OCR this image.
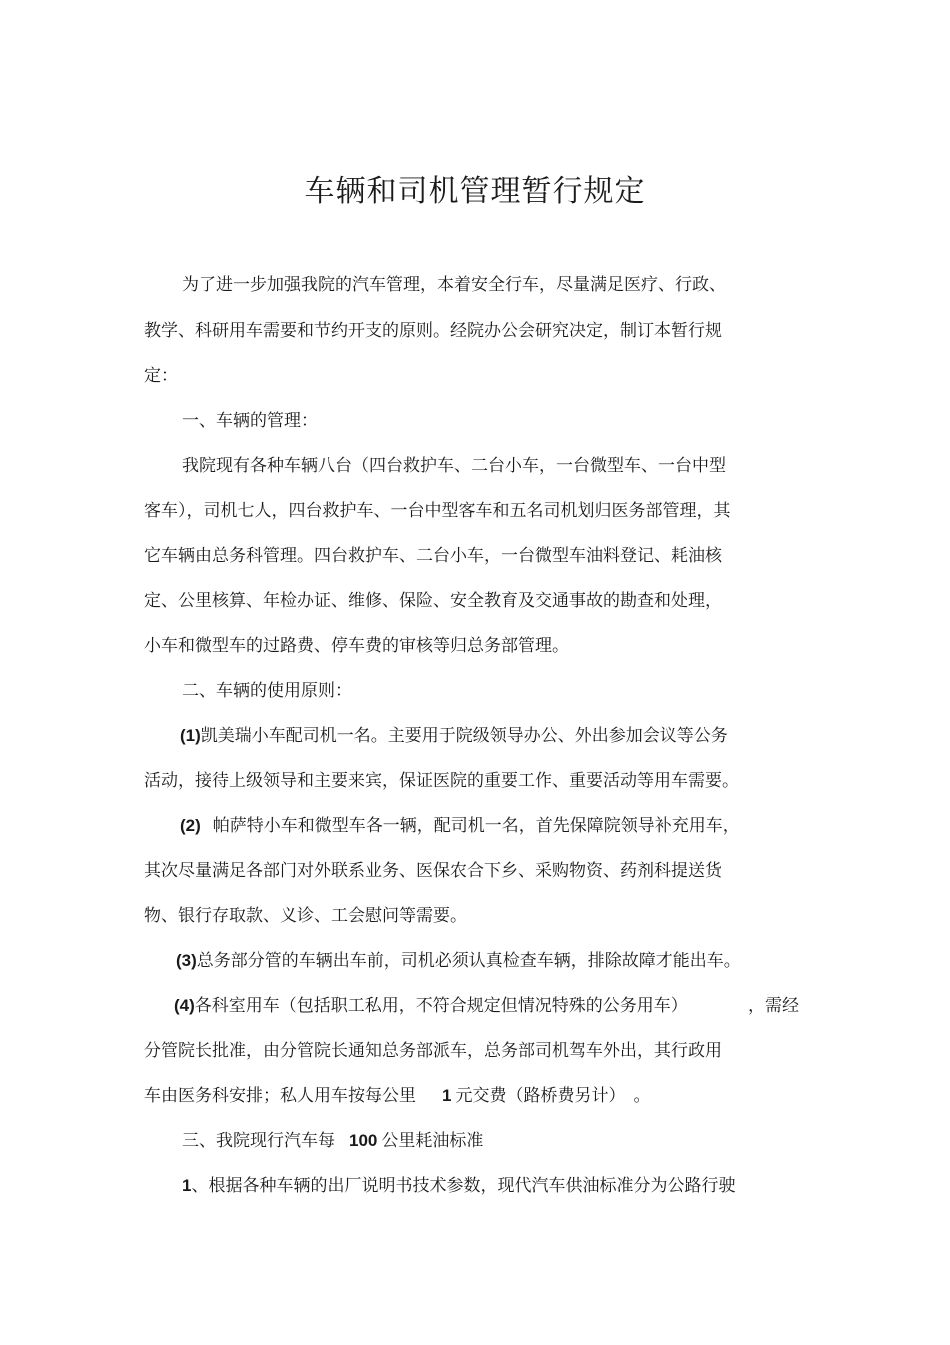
车辆和司机管理暂行规定
为了进一步加强我院的汽车管理，本着安全行车，尽量满足医疗、行政、
教学、科研用车需要和节约开支的原则。经院办公会研究决定，制订本暂行规
定：
一、车辆的管理：
我院现有各种车辆八台（四台救护车、二台小车，一台微型车、一台中型
客车），司机七人，四台救护车、一台中型客车和五名司机划归医务部管理，其
它车辆由总务科管理。四台救护车、二台小车，一台微型车油料登记、耗油核
定、公里核算、年检办证、维修、保险、安全教育及交通事故的勘查和处理，
小车和微型车的过路费、停车费的审核等归总务部管理。
二、车辆的使用原则：
(1)凯美瑞小车配司机一名。主要用于院级领导办公、外出参加会议等公务
活动，接待上级领导和主要来宾，保证医院的重要工作、重要活动等用车需要。
(2) 帕萨特小车和微型车各一辆，配司机一名，首先保障院领导补充用车，
其次尽量满足各部门对外联系业务、医保农合下乡、采购物资、药剂科提送货
物、银行存取款、义诊、工会慰问等需要。
(3)总务部分管的车辆出车前，司机必须认真检查车辆，排除故障才能出车。
(4)各科室用车（包括职工私用，不符合规定但情况特殊的公务用车）	，需经
分管院长批准，由分管院长通知总务部派车，总务部司机驾车外出，其行政用
车由医务科安排；私人用车按每公里 1 元交费（路桥费另计） 。
三、我院现行汽车每 100 公里耗油标准
1、根据各种车辆的出厂说明书技术参数，现代汽车供油标准分为公路行驶
